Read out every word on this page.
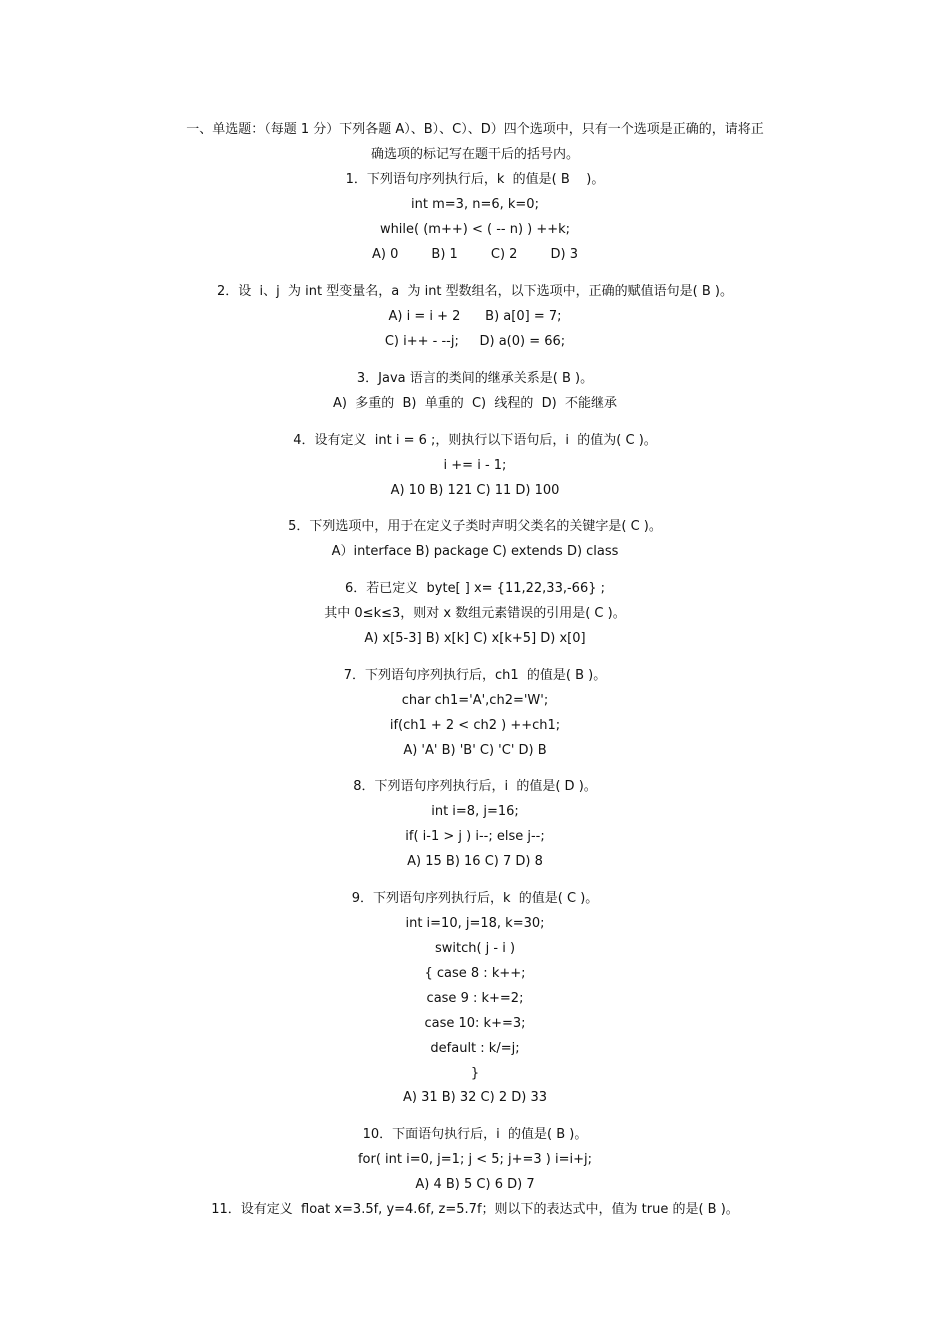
一、单选题：（每题 1 分）下列各题 A）、B）、C）、D）四个选项中，只有一个选项是正确的，请将正

确选项的标记写在题干后的括号内。

1．下列语句序列执行后，k  的值是( B    )。

int m=3, n=6, k=0;

while( (m++) < ( -- n) ) ++k;

A) 0        B) 1        C) 2        D) 3

2．设  i、j  为 int 型变量名，a  为 int 型数组名，以下选项中，正确的赋值语句是( B )。

A) i = i + 2      B) a[0] = 7;

C) i++ - --j;     D) a(0) = 66;

3．Java 语言的类间的继承关系是( B )。

A)  多重的  B)  单重的  C)  线程的  D)  不能继承

4．设有定义  int i = 6 ;，则执行以下语句后，i  的值为( C )。

i += i - 1;

A) 10 B) 121 C) 11 D) 100

5．下列选项中，用于在定义子类时声明父类名的关键字是( C )。

A）interface B) package C) extends D) class

6．若已定义  byte[ ] x= {11,22,33,-66} ;

其中 0≤k≤3，则对 x 数组元素错误的引用是( C )。

A) x[5-3] B) x[k] C) x[k+5] D) x[0]

7．下列语句序列执行后，ch1  的值是( B )。

char ch1='A',ch2='W';

if(ch1 + 2 < ch2 ) ++ch1;

A) 'A' B) 'B' C) 'C' D) B

8．下列语句序列执行后，i  的值是( D )。

int i=8, j=16;

if( i-1 > j ) i--; else j--;

A) 15 B) 16 C) 7 D) 8

9．下列语句序列执行后，k  的值是( C )。

int i=10, j=18, k=30;

switch( j - i )

{ case 8 : k++;

case 9 : k+=2;

case 10: k+=3;

default : k/=j;

}

A) 31 B) 32 C) 2 D) 33

10．下面语句执行后，i  的值是( B )。

for( int i=0, j=1; j < 5; j+=3 ) i=i+j;

A) 4 B) 5 C) 6 D) 7

11．设有定义  float x=3.5f, y=4.6f, z=5.7f；则以下的表达式中，值为 true 的是( B )。
